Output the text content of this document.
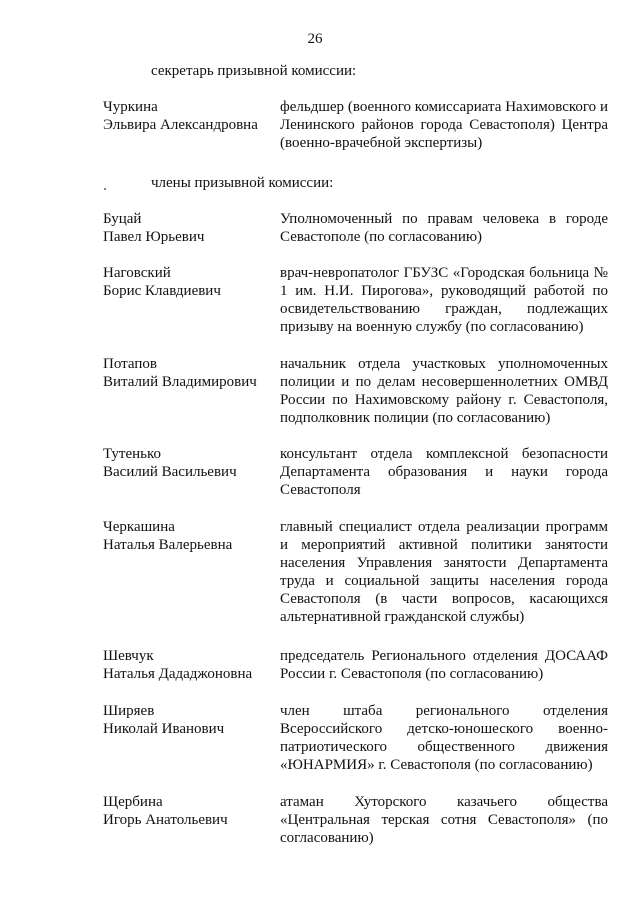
26
секретарь призывной комиссии:
Чуркина
Эльвира Александровна
фельдшер (военного комиссариата Нахимовского и Ленинского районов города Севастополя) Центра (военно-врачебной экспертизы)
члены призывной комиссии:
Буцай
Павел Юрьевич
Уполномоченный по правам человека в городе Севастополе (по согласованию)
Наговский
Борис Клавдиевич
врач-невропатолог ГБУЗС «Городская больница № 1 им. Н.И. Пирогова», руководящий работой по освидетельствованию граждан, подлежащих призыву на военную службу (по согласованию)
Потапов
Виталий Владимирович
начальник отдела участковых уполномоченных полиции и по делам несовершеннолетних ОМВД России по Нахимовскому району г. Севастополя, подполковник полиции (по согласованию)
Тутенько
Василий Васильевич
консультант отдела комплексной безопасности Департамента образования и науки города Севастополя
Черкашина
Наталья Валерьевна
главный специалист отдела реализации программ и мероприятий активной политики занятости населения Управления занятости Департамента труда и социальной защиты населения города Севастополя (в части вопросов, касающихся альтернативной гражданской службы)
Шевчук
Наталья Дададжоновна
председатель Регионального отделения ДОСААФ России г. Севастополя (по согласованию)
Ширяев
Николай Иванович
член штаба регионального отделения Всероссийского детско-юношеского военно-патриотического общественного движения «ЮНАРМИЯ» г. Севастополя (по согласованию)
Щербина
Игорь Анатольевич
атаман Хуторского казачьего общества «Центральная терская сотня Севастополя» (по согласованию)
